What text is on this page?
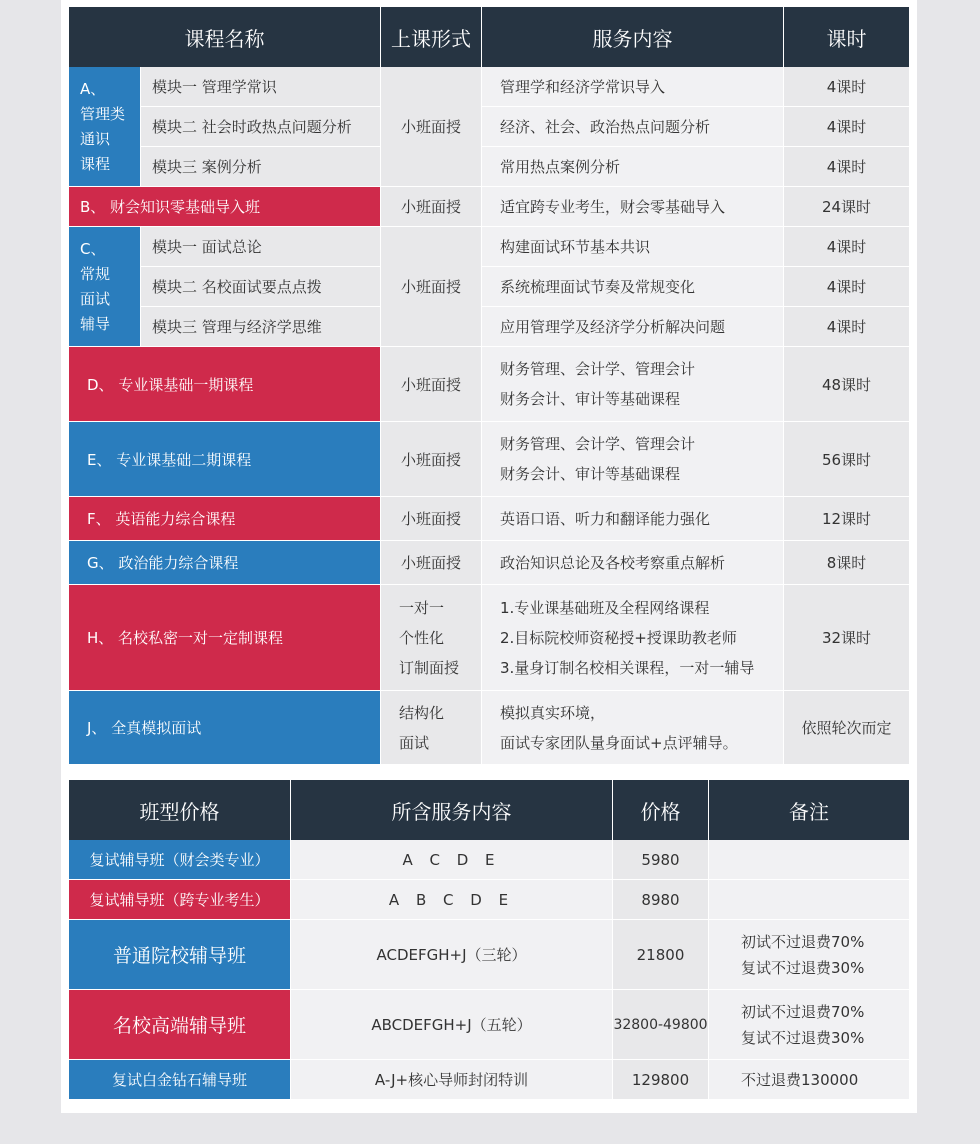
课程名称		上课形式	服务内容	课时
A、
管理类
通识
课程	模块一 管理学常识	小班面授	管理学和经济学常识导入	4课时
	模块二 社会时政热点问题分析		经济、社会、政治热点问题分析	4课时
	模块三 案例分析		常用热点案例分析	4课时
B、 财会知识零基础导入班		小班面授	适宜跨专业考生，财会零基础导入	24课时
C、
常规
面试
辅导	模块一 面试总论	小班面授	构建面试环节基本共识	4课时
	模块二 名校面试要点点拨		系统梳理面试节奏及常规变化	4课时
	模块三 管理与经济学思维		应用管理学及经济学分析解决问题	4课时
D、 专业课基础一期课程		小班面授	财务管理、会计学、管理会计
财务会计、审计等基础课程	48课时
E、 专业课基础二期课程		小班面授	财务管理、会计学、管理会计
财务会计、审计等基础课程	56课时
F、 英语能力综合课程		小班面授	英语口语、听力和翻译能力强化	12课时
G、 政治能力综合课程		小班面授	政治知识总论及各校考察重点解析	8课时
H、 名校私密一对一定制课程		一对一
个性化
订制面授	1.专业课基础班及全程网络课程
2.目标院校师资秘授+授课助教老师
3.量身订制名校相关课程，一对一辅导	32课时
J、 全真模拟面试		结构化
面试	模拟真实环境，
面试专家团队量身面试+点评辅导。	依照轮次而定
班型价格	所含服务内容	价格	备注
复试辅导班（财会类专业）	A C D E	5980	
复试辅导班（跨专业考生）	A B C D E	8980	
普通院校辅导班	ACDEFGH+J（三轮）	21800	初试不过退费70%
复试不过退费30%
名校高端辅导班	ABCDEFGH+J（五轮）	32800-49800	初试不过退费70%
复试不过退费30%
复试白金钻石辅导班	A-J+核心导师封闭特训	129800	不过退费130000
